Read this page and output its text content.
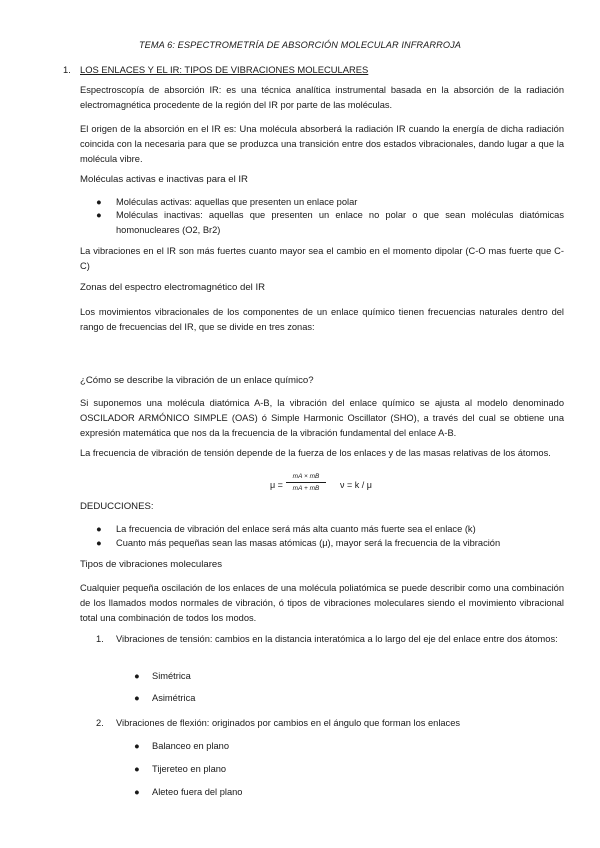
TEMA 6: ESPECTROMETRÍA DE ABSORCIÓN MOLECULAR INFRARROJA
1. LOS ENLACES Y EL IR: TIPOS DE VIBRACIONES MOLECULARES
Espectroscopía de absorción IR: es una técnica analítica instrumental basada en la absorción de la radiación electromagnética procedente de la región del IR por parte de las moléculas.
El origen de la absorción en el IR es: Una molécula absorberá la radiación IR cuando la energía de dicha radiación coincida con la necesaria para que se produzca una transición entre dos estados vibracionales, dando lugar a que la molécula vibre.
Moléculas activas e inactivas para el IR
● Moléculas activas: aquellas que presenten un enlace polar
● Moléculas inactivas: aquellas que presenten un enlace no polar o que sean moléculas diatómicas homonucleares (O2, Br2)
La vibraciones en el IR son más fuertes cuanto mayor sea el cambio en el momento dipolar (C-O mas fuerte que C-C)
Zonas del espectro electromagnético del IR
Los movimientos vibracionales de los componentes de un enlace químico tienen frecuencias naturales dentro del rango de frecuencias del IR, que se divide en tres zonas:
¿Cómo se describe la vibración de un enlace químico?
Si suponemos una molécula diatómica A-B, la vibración del enlace químico se ajusta al modelo denominado OSCILADOR ARMÓNICO SIMPLE (OAS) ó Simple Harmonic Oscillator (SHO), a través del cual se obtiene una expresión matemática que nos da la frecuencia de la vibración fundamental del enlace A-B.
La frecuencia de vibración de tensión depende de la fuerza de los enlaces y de las masas relativas de los átomos.
μ =
mA × mB
mA + mB	ν = k / μ
DEDUCCIONES:
● La frecuencia de vibración del enlace será más alta cuanto más fuerte sea el enlace (k)
● Cuanto más pequeñas sean las masas atómicas (μ), mayor será la frecuencia de la vibración
Tipos de vibraciones moleculares
Cualquier pequeña oscilación de los enlaces de una molécula poliatómica se puede describir como una combinación de los llamados modos normales de vibración, ó tipos de vibraciones moleculares siendo el movimiento vibracional total una combinación de todos los modos.
1. Vibraciones de tensión: cambios en la distancia interatómica a lo largo del eje del enlace entre dos átomos:
● Simétrica
● Asimétrica
2. Vibraciones de flexión: originados por cambios en el ángulo que forman los enlaces
● Balanceo en plano
● Tijereteo en plano
● Aleteo fuera del plano
